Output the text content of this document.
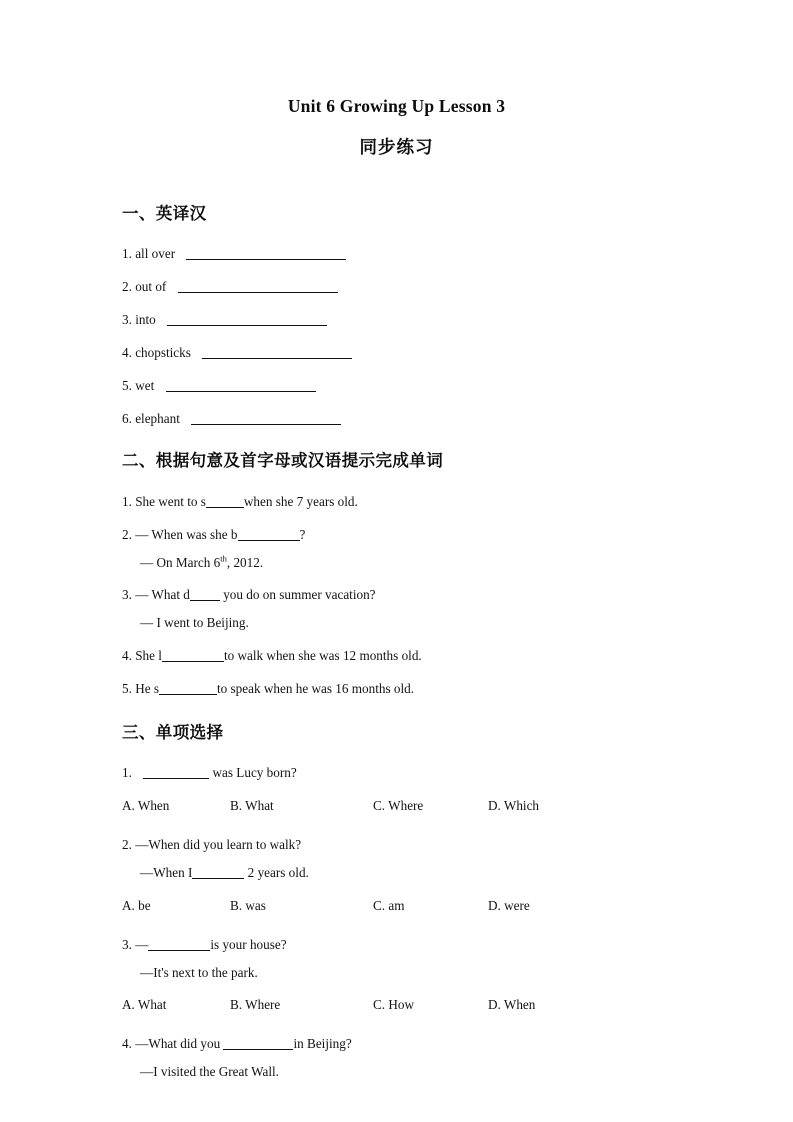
Unit 6 Growing Up Lesson 3
同步练习
一、英译汉
1. all over
2. out of
3. into
4. chopsticks
5. wet
6. elephant
二、根据句意及首字母或汉语提示完成单词
1. She went to s	when she 7 years old.
2. — When was she b	?
— On March 6th, 2012.
3. — What d	you do on summer vacation?
— I went to Beijing.
4. She l	to walk when she was 12 months old.
5. He s	to speak when he was 16 months old.
三、单项选择
1.	was Lucy born?
A. When	B. What	C. Where	D. Which
2. —When did you learn to walk?
—When I	2 years old.
A. be	B. was	C. am	D. were
3. —	is your house?
—It's next to the park.
A. What	B. Where	C. How	D. When
4. —What did you	in Beijing?
—I visited the Great Wall.
